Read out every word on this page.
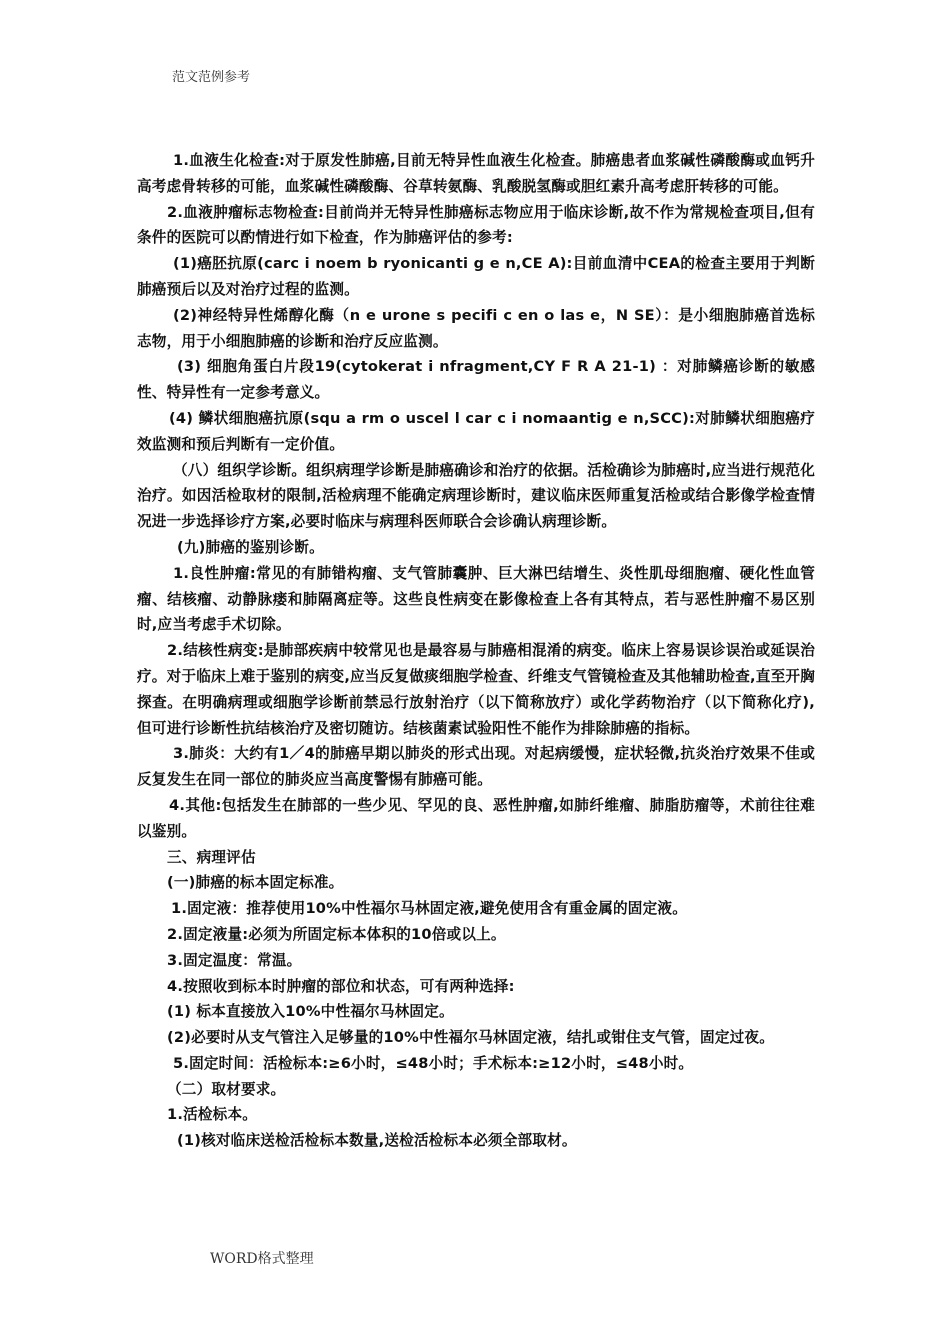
范文范例参考

1.血液生化检查:对于原发性肺癌,目前无特异性血液生化检查。肺癌患者血浆碱性磷酸酶或血钙升高考虑骨转移的可能，血浆碱性磷酸酶、谷草转氨酶、乳酸脱氢酶或胆红素升高考虑肝转移的可能。

2.血液肿瘤标志物检查:目前尚并无特异性肺癌标志物应用于临床诊断,故不作为常规检查项目,但有条件的医院可以酌情进行如下检查，作为肺癌评估的参考:

(1)癌胚抗原(carc i noem b ryonicanti g e n,CE A):目前血清中CEA的检查主要用于判断肺癌预后以及对治疗过程的监测。

(2)神经特异性烯醇化酶（n e urone s pecifi c en o las e，N SE）：是小细胞肺癌首选标志物，用于小细胞肺癌的诊断和治疗反应监测。

(3) 细胞角蛋白片段19(cytokerat i nfragment,CY F R A 21-1) ：对肺鳞癌诊断的敏感性、特异性有一定参考意义。

(4) 鳞状细胞癌抗原(squ a rm o uscel l car c i nomaantig e n,SCC):对肺鳞状细胞癌疗效监测和预后判断有一定价值。

（八）组织学诊断。组织病理学诊断是肺癌确诊和治疗的依据。活检确诊为肺癌时,应当进行规范化治疗。如因活检取材的限制,活检病理不能确定病理诊断时，建议临床医师重复活检或结合影像学检查情况进一步选择诊疗方案,必要时临床与病理科医师联合会诊确认病理诊断。

(九)肺癌的鉴别诊断。

1.良性肿瘤:常见的有肺错构瘤、支气管肺囊肿、巨大淋巴结增生、炎性肌母细胞瘤、硬化性血管瘤、结核瘤、动静脉瘘和肺隔离症等。这些良性病变在影像检查上各有其特点，若与恶性肿瘤不易区别时,应当考虑手术切除。

2.结核性病变:是肺部疾病中较常见也是最容易与肺癌相混淆的病变。临床上容易误诊误治或延误治疗。对于临床上难于鉴别的病变,应当反复做痰细胞学检查、纤维支气管镜检查及其他辅助检查,直至开胸探查。在明确病理或细胞学诊断前禁忌行放射治疗（以下简称放疗）或化学药物治疗（以下简称化疗),但可进行诊断性抗结核治疗及密切随访。结核菌素试验阳性不能作为排除肺癌的指标。

3.肺炎：大约有1／4的肺癌早期以肺炎的形式出现。对起病缓慢，症状轻微,抗炎治疗效果不佳或反复发生在同一部位的肺炎应当高度警惕有肺癌可能。

4.其他:包括发生在肺部的一些少见、罕见的良、恶性肿瘤,如肺纤维瘤、肺脂肪瘤等，术前往往难以鉴别。

三、病理评估

(一)肺癌的标本固定标准。

1.固定液：推荐使用10%中性福尔马林固定液,避免使用含有重金属的固定液。

2.固定液量:必须为所固定标本体积的10倍或以上。

3.固定温度：常温。

4.按照收到标本时肿瘤的部位和状态，可有两种选择:

(1) 标本直接放入10%中性福尔马林固定。

(2)必要时从支气管注入足够量的10%中性福尔马林固定液，结扎或钳住支气管，固定过夜。

5.固定时间：活检标本:≥6小时，≤48小时；手术标本:≥12小时，≤48小时。

（二）取材要求。

1.活检标本。

(1)核对临床送检活检标本数量,送检活检标本必须全部取材。

WORD格式整理
